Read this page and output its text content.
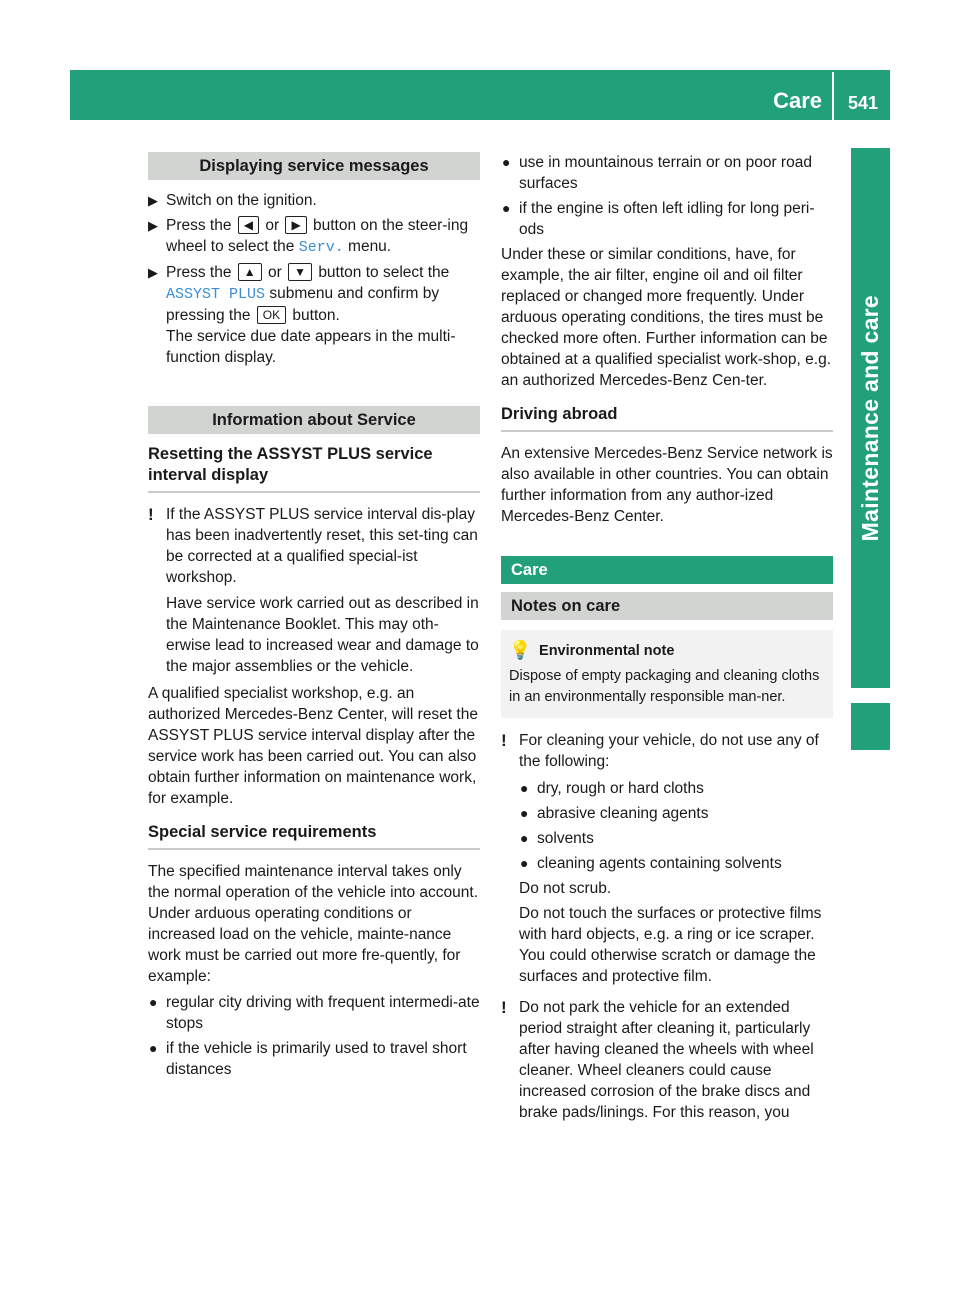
Care	541
Maintenance and care
Displaying service messages
▶ Switch on the ignition.
▶ Press the ◀ or ▶ button on the steer-ing wheel to select the Serv. menu.
▶ Press the ▲ or ▼ button to select the ASSYST PLUS submenu and confirm by pressing the OK button.
The service due date appears in the multi-function display.
Information about Service
Resetting the ASSYST PLUS service interval display
! If the ASSYST PLUS service interval dis-play has been inadvertently reset, this set-ting can be corrected at a qualified special-ist workshop.

Have service work carried out as described in the Maintenance Booklet. This may oth-erwise lead to increased wear and damage to the major assemblies or the vehicle.

A qualified specialist workshop, e.g. an authorized Mercedes-Benz Center, will reset the ASSYST PLUS service interval display after the service work has been carried out. You can also obtain further information on maintenance work, for example.

Special service requirements

The specified maintenance interval takes only the normal operation of the vehicle into account. Under arduous operating conditions or increased load on the vehicle, mainte-nance work must be carried out more fre-quently, for example:

● regular city driving with frequent intermedi-ate stops
● if the vehicle is primarily used to travel short distances
● use in mountainous terrain or on poor road surfaces
● if the engine is often left idling for long peri-ods

Under these or similar conditions, have, for example, the air filter, engine oil and oil filter replaced or changed more frequently. Under arduous operating conditions, the tires must be checked more often. Further information can be obtained at a qualified specialist work-shop, e.g. an authorized Mercedes-Benz Cen-ter.

Driving abroad

An extensive Mercedes-Benz Service network is also available in other countries. You can obtain further information from any author-ized Mercedes-Benz Center.

Care
Notes on care
💡 Environmental note
Dispose of empty packaging and cleaning cloths in an environmentally responsible man-ner.
! For cleaning your vehicle, do not use any of the following:

● dry, rough or hard cloths
● abrasive cleaning agents
● solvents
● cleaning agents containing solvents
Do not scrub.
Do not touch the surfaces or protective films with hard objects, e.g. a ring or ice scraper. You could otherwise scratch or damage the surfaces and protective film.
! Do not park the vehicle for an extended period straight after cleaning it, particularly after having cleaned the wheels with wheel cleaner. Wheel cleaners could cause increased corrosion of the brake discs and brake pads/linings. For this reason, you
